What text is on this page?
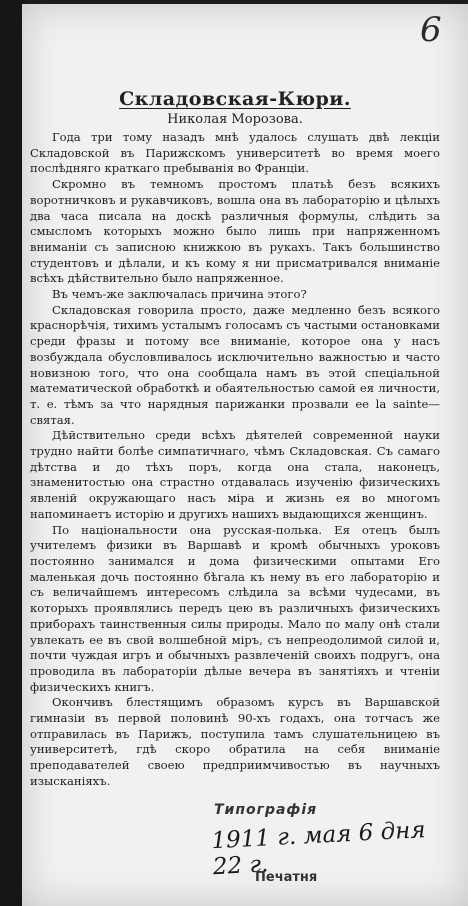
6
Складовская-Кюри.
Николая Морозова.

Года три тому назадъ мнѣ удалось слушать двѣ лекціи Складовской въ Парижскомъ университетѣ во время моего послѣдняго краткаго пребыванія во Франціи.

Скромно въ темномъ простомъ платьѣ безъ всякихъ воротничковъ и рукавчиковъ, вошла она въ лабораторію и цѣлыхъ два часа писала на доскѣ различныя формулы, слѣдить за смысломъ которыхъ можно было лишь при напряженномъ вниманіи съ записною книжкою въ рукахъ. Такъ большинство студентовъ и дѣлали, и къ кому я ни присматривался вниманіе всѣхъ дѣйствительно было напряженное.

Въ чемъ-же заключалась причина этого?

Складовская говорила просто, даже медленно безъ всякого краснорѣчія, тихимъ усталымъ голосамъ съ частыми остановками среди фразы и потому все вниманіе, которое она у насъ возбуждала обусловливалось исключительно важностью и часто новизною того, что она сообщала намъ въ этой спеціальной математической обработкѣ и обаятельностью самой ея личности, т. е. тѣмъ за что нарядныя парижанки прозвали ее la sainte—святая.

Дѣйствительно среди всѣхъ дѣятелей современной науки трудно найти болѣе симпатичнаго, чѣмъ Складовская. Съ самаго дѣтства и до тѣхъ поръ, когда она стала, наконецъ, знаменитостью она страстно отдавалась изученію физическихъ явленій окружающаго насъ міра и жизнь ея во многомъ напоминаетъ исторію и другихъ нашихъ выдающихся женщинъ.

По національности она русская-полька. Ея отецъ былъ учителемъ физики въ Варшавѣ и кромѣ обычныхъ уроковъ постоянно занимался и дома физическими опытами Его маленькая дочь постоянно бѣгала къ нему въ его лабораторію и съ величайшемъ интересомъ слѣдила за всѣми чудесами, въ которыхъ проявлялись передъ цею въ различныхъ физическихъ приборахъ таинственныя силы природы. Мало по малу онѣ стали увлекать ее въ свой волшебной міръ, съ непреодолимой силой и, почти чуждая игръ и обычныхъ развлеченій своихъ подругъ, она проводила въ лабораторіи дѣлые вечера въ занятіяхъ и чтеніи физическихъ книгъ.

Окончивъ блестящимъ образомъ курсъ въ Варшавской гимназіи въ первой половинѣ 90-хъ годахъ, она тотчасъ же отправилась въ Парижъ, поступила тамъ слушательницею въ университетѣ, гдѣ скоро обратила на себя вниманіе преподавателей своею предприимчивостью въ научныхъ изысканіяхъ.

Типографія
1911 г. мая 6 дня 22 г.
Печатня
